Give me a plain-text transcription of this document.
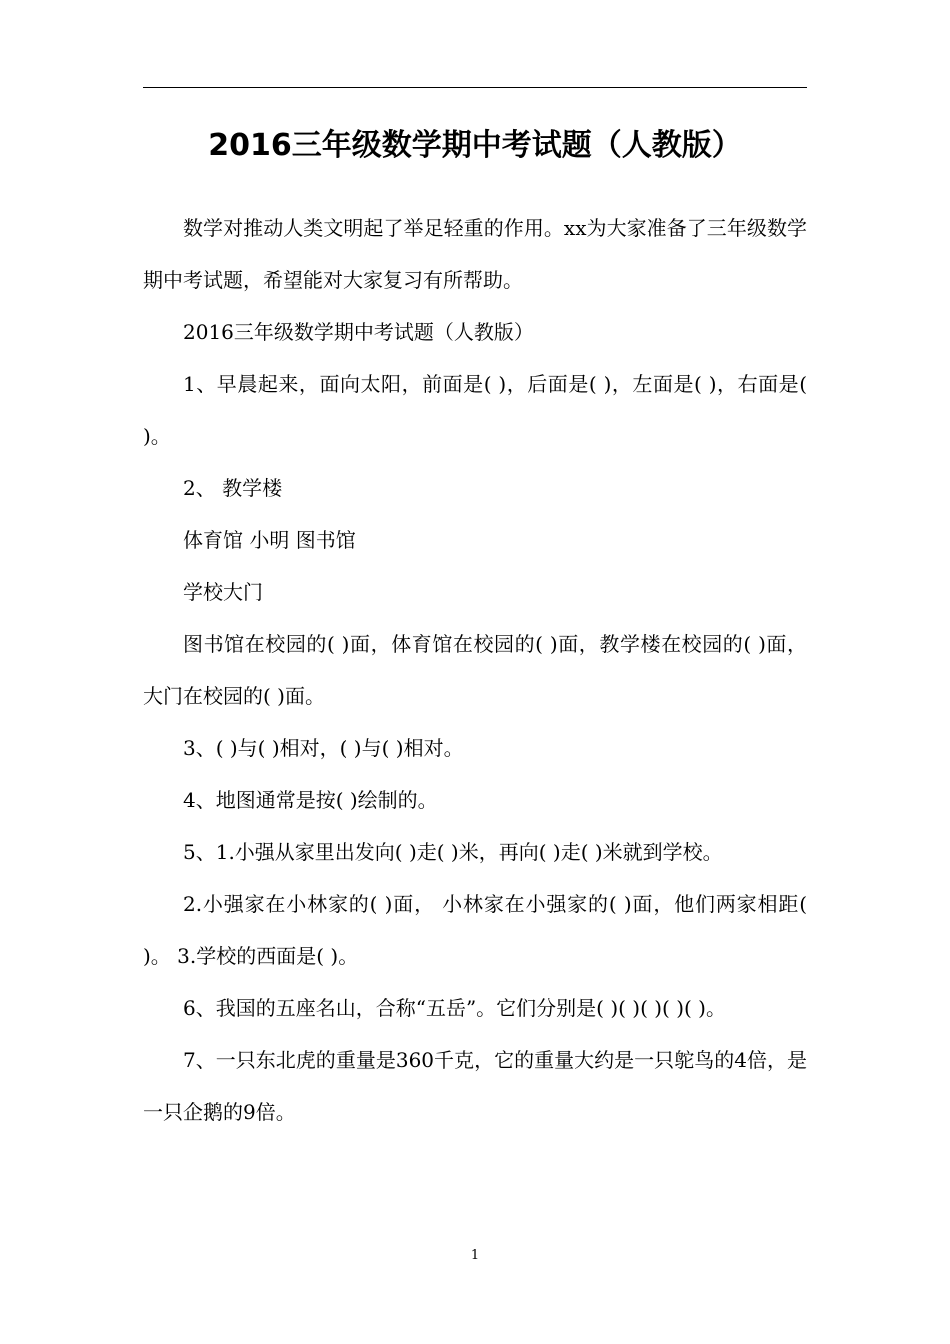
2016三年级数学期中考试题（人教版）

数学对推动人类文明起了举足轻重的作用。xx为大家准备了三年级数学期中考试题，希望能对大家复习有所帮助。

2016三年级数学期中考试题（人教版）

1、早晨起来，面向太阳，前面是( )，后面是( )，左面是( )，右面是( )。

2、 教学楼

体育馆 小明 图书馆

学校大门

图书馆在校园的( )面，体育馆在校园的( )面，教学楼在校园的( )面，大门在校园的( )面。

3、( )与( )相对，( )与( )相对。

4、地图通常是按( )绘制的。

5、1.小强从家里出发向( )走( )米，再向( )走( )米就到学校。

2.小强家在小林家的( )面， 小林家在小强家的( )面，他们两家相距( )。 3.学校的西面是( )。

6、我国的五座名山，合称“五岳”。它们分别是( )( )( )( )( )。

7、一只东北虎的重量是360千克，它的重量大约是一只鸵鸟的4倍，是一只企鹅的9倍。

1
